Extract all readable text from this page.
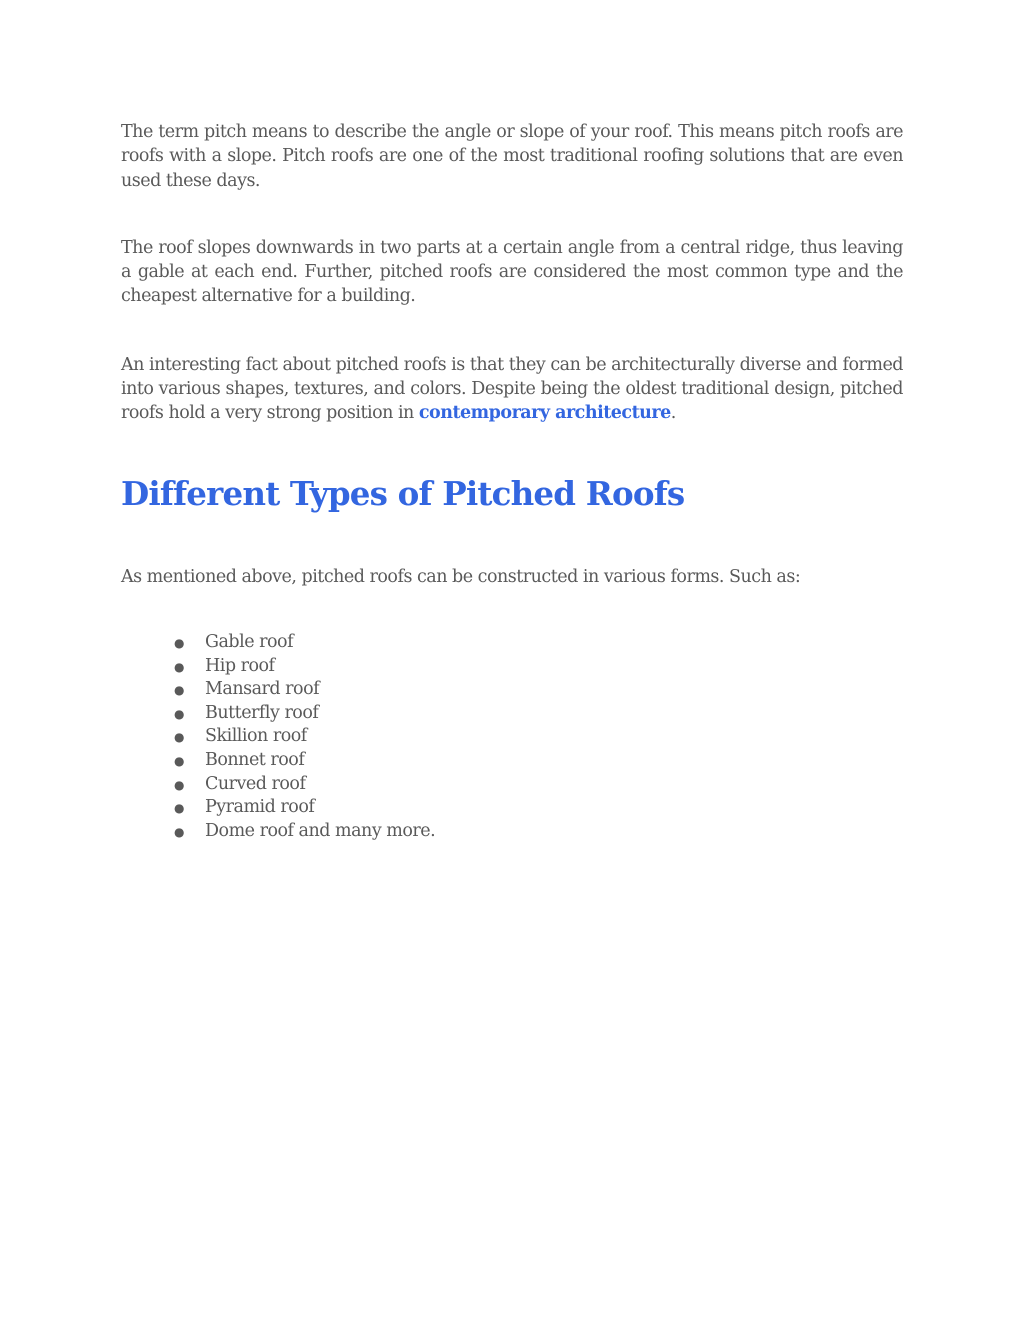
The term pitch means to describe the angle or slope of your roof. This means pitch roofs are roofs with a slope. Pitch roofs are one of the most traditional roofing solutions that are even used these days.

The roof slopes downwards in two parts at a certain angle from a central ridge, thus leaving a gable at each end. Further, pitched roofs are considered the most common type and the cheapest alternative for a building.

An interesting fact about pitched roofs is that they can be architecturally diverse and formed into various shapes, textures, and colors. Despite being the oldest traditional design, pitched roofs hold a very strong position in contemporary architecture.

Different Types of Pitched Roofs

As mentioned above, pitched roofs can be constructed in various forms. Such as:

●	Gable roof
●	Hip roof
●	Mansard roof
●	Butterfly roof
●	Skillion roof
●	Bonnet roof
●	Curved roof
●	Pyramid roof
●	Dome roof and many more.
